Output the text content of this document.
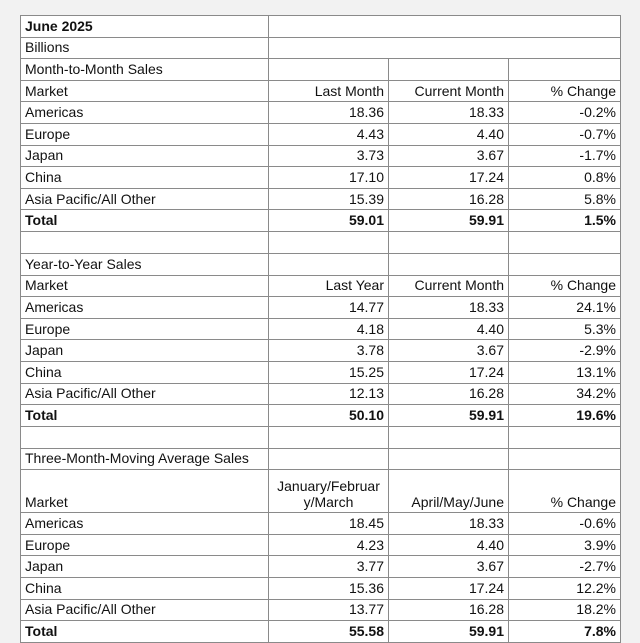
June 2025			
Billions			
Month-to-Month Sales			
Market	Last Month	Current Month	% Change
Americas	18.36	18.33	-0.2%
Europe	4.43	4.40	-0.7%
Japan	3.73	3.67	-1.7%
China	17.10	17.24	0.8%
Asia Pacific/All Other	15.39	16.28	5.8%
Total	59.01	59.91	1.5%

Year-to-Year Sales			
Market	Last Year	Current Month	% Change
Americas	14.77	18.33	24.1%
Europe	4.18	4.40	5.3%
Japan	3.78	3.67	-2.9%
China	15.25	17.24	13.1%
Asia Pacific/All Other	12.13	16.28	34.2%
Total	50.10	59.91	19.6%

Three-Month-Moving Average Sales			
Market	January/February/March	April/May/June	% Change
Americas	18.45	18.33	-0.6%
Europe	4.23	4.40	3.9%
Japan	3.77	3.67	-2.7%
China	15.36	17.24	12.2%
Asia Pacific/All Other	13.77	16.28	18.2%
Total	55.58	59.91	7.8%
